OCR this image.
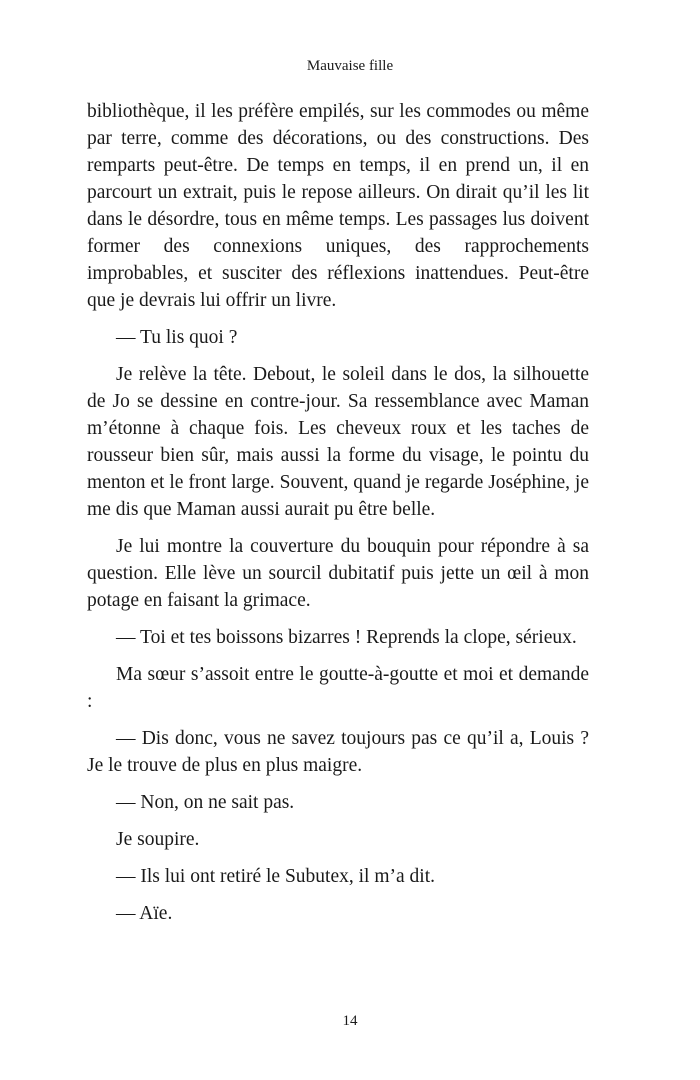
Mauvaise fille

bibliothèque, il les préfère empilés, sur les commodes ou même par terre, comme des décorations, ou des constructions. Des remparts peut-être. De temps en temps, il en prend un, il en parcourt un extrait, puis le repose ailleurs. On dirait qu’il les lit dans le désordre, tous en même temps. Les passages lus doivent former des connexions uniques, des rapprochements improbables, et susciter des réflexions inattendues. Peut-être que je devrais lui offrir un livre.

— Tu lis quoi ?

Je relève la tête. Debout, le soleil dans le dos, la silhouette de Jo se dessine en contre-jour. Sa ressemblance avec Maman m’étonne à chaque fois. Les cheveux roux et les taches de rousseur bien sûr, mais aussi la forme du visage, le pointu du menton et le front large. Souvent, quand je regarde Joséphine, je me dis que Maman aussi aurait pu être belle.

Je lui montre la couverture du bouquin pour répondre à sa question. Elle lève un sourcil dubitatif puis jette un œil à mon potage en faisant la grimace.

— Toi et tes boissons bizarres ! Reprends la clope, sérieux.

Ma sœur s’assoit entre le goutte-à-goutte et moi et demande :

— Dis donc, vous ne savez toujours pas ce qu’il a, Louis ? Je le trouve de plus en plus maigre.

— Non, on ne sait pas.

Je soupire.

— Ils lui ont retiré le Subutex, il m’a dit.

— Aïe.

14
